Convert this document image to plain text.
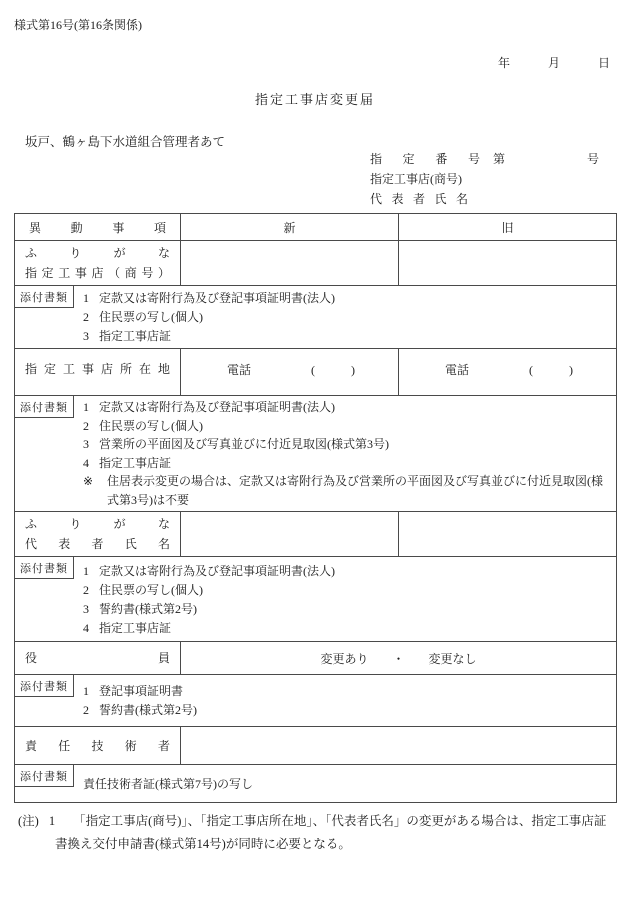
様式第16号(第16条関係)
年	月	日
指定工事店変更届
坂戸、鶴ヶ島下水道組合管理者あて
指定番号 第	号
指定工事店(商号)
代表者氏名
異動事項	新	旧

ふりがな
指定工事店（商号）		

添付書類	1 定款又は寄附行為及び登記事項証明書(法人)
2 住民票の写し(個人)
3 指定工事店証

指定工事店所在地	電話　　　　　(　　　)	電話　　　　　(　　　)

添付書類	1 定款又は寄附行為及び登記事項証明書(法人)
2 住民票の写し(個人)
3 営業所の平面図及び写真並びに付近見取図(様式第3号)
4 指定工事店証
※	住居表示変更の場合は、定款又は寄附行為及び営業所の平面図及び写真並びに付近見取図(様式第3号)は不要

ふりがな
代表者氏名		

添付書類	1 定款又は寄附行為及び登記事項証明書(法人)
2 住民票の写し(個人)
3 誓約書(様式第2号)
4 指定工事店証

役員	変更あり　　・　　変更なし	

添付書類 1 登記事項証明書
2 誓約書(様式第2号)		

責任技術者		

添付書類 責任技術者証(様式第7号)の写し		
(注) 1 「指定工事店(商号)」、「指定工事店所在地」、「代表者氏名」の変更がある場合は、指定工事店証書換え交付申請書(様式第14号)が同時に必要となる。
